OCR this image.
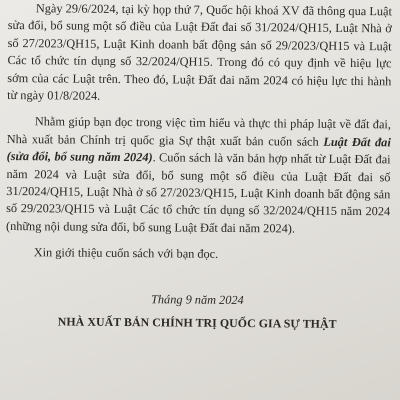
Ngày 29/6/2024, tại kỳ họp thứ 7, Quốc hội khoá XV đã thông qua Luật sửa đổi, bổ sung một số điều của Luật Đất đai số 31/2024/QH15, Luật Nhà ở số 27/2023/QH15, Luật Kinh doanh bất động sản số 29/2023/QH15 và Luật Các tổ chức tín dụng số 32/2024/QH15. Trong đó có quy định về hiệu lực sớm của các Luật trên. Theo đó, Luật Đất đai năm 2024 có hiệu lực thi hành từ ngày 01/8/2024.

Nhằm giúp bạn đọc trong việc tìm hiểu và thực thi pháp luật về đất đai, Nhà xuất bản Chính trị quốc gia Sự thật xuất bản cuốn sách Luật Đất đai (sửa đổi, bổ sung năm 2024). Cuốn sách là văn bản hợp nhất từ Luật Đất đai năm 2024 và Luật sửa đổi, bổ sung một số điều của Luật Đất đai số 31/2024/QH15, Luật Nhà ở số 27/2023/QH15, Luật Kinh doanh bất động sản số 29/2023/QH15 và Luật Các tổ chức tín dụng số 32/2024/QH15 năm 2024 (những nội dung sửa đổi, bổ sung Luật Đất đai năm 2024).

Xin giới thiệu cuốn sách với bạn đọc.

Tháng 9 năm 2024
NHÀ XUẤT BẢN CHÍNH TRỊ QUỐC GIA SỰ THẬT
